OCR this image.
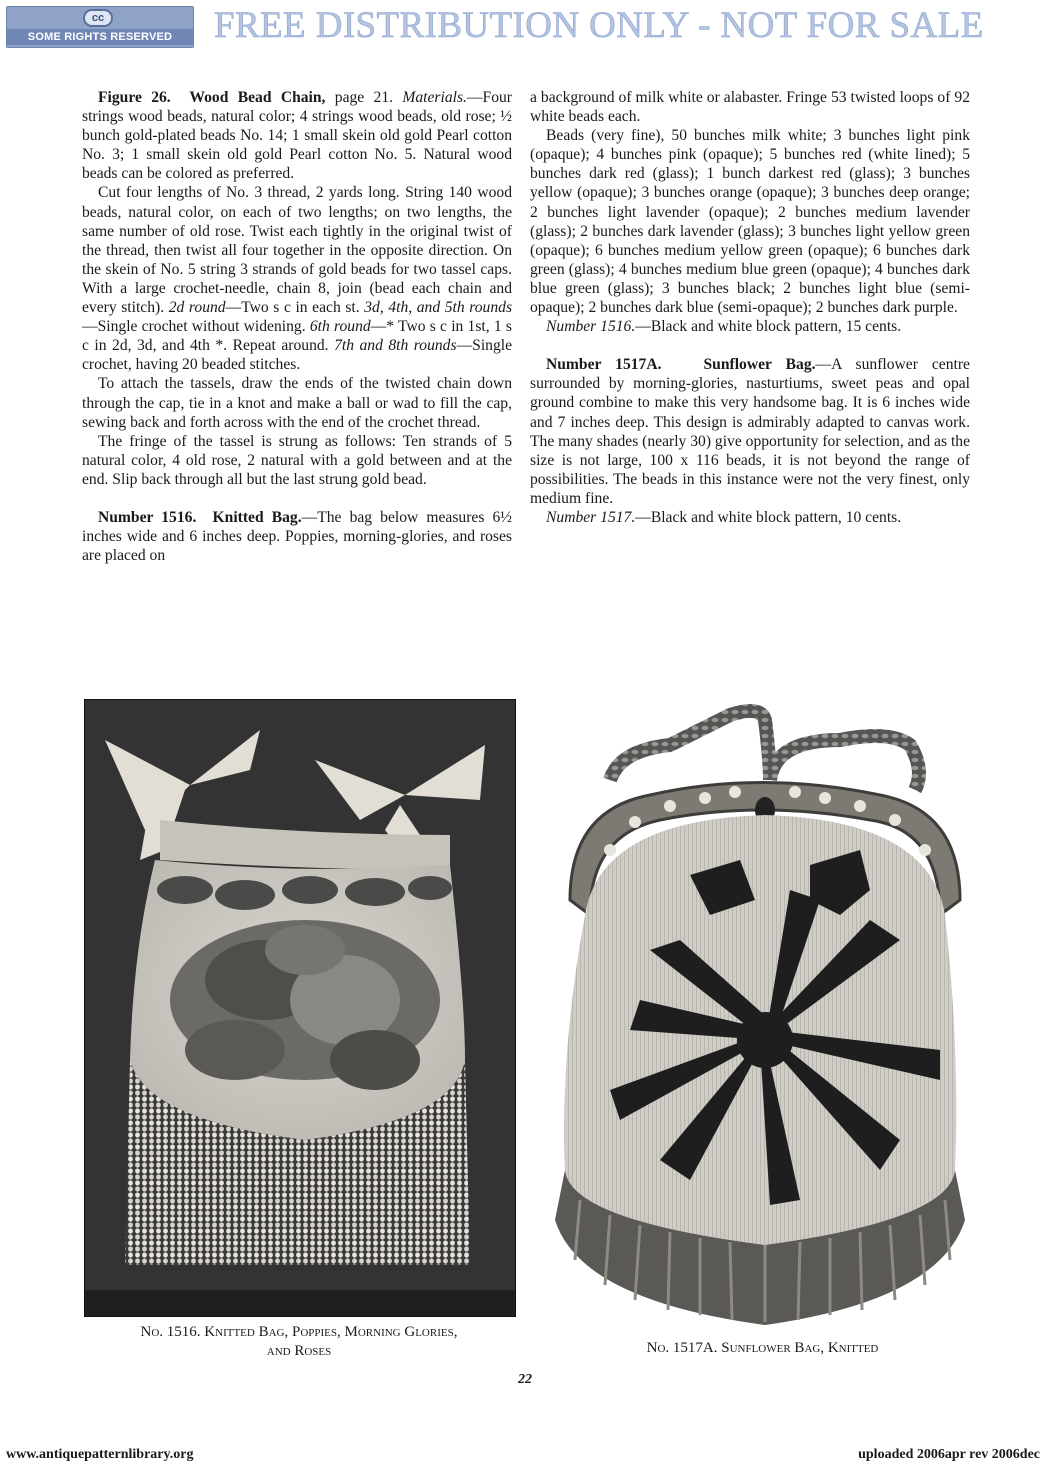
cc
SOME RIGHTS RESERVED	FREE DISTRIBUTION ONLY - NOT FOR SALE

Figure 26. Wood Bead Chain, page 21. Materials.—Four strings wood beads, natural color; 4 strings wood beads, old rose; ½ bunch gold-plated beads No. 14; 1 small skein old gold Pearl cotton No. 3; 1 small skein old gold Pearl cotton No. 5. Natural wood beads can be colored as preferred.

Cut four lengths of No. 3 thread, 2 yards long. String 140 wood beads, natural color, on each of two lengths; on two lengths, the same number of old rose. Twist each tightly in the original twist of the thread, then twist all four together in the opposite direction. On the skein of No. 5 string 3 strands of gold beads for two tassel caps. With a large crochet-needle, chain 8, join (bead each chain and every stitch). 2d round—Two s c in each st. 3d, 4th, and 5th rounds—Single crochet without widening. 6th round—* Two s c in 1st, 1 s c in 2d, 3d, and 4th *. Repeat around. 7th and 8th rounds—Single crochet, having 20 beaded stitches.

To attach the tassels, draw the ends of the twisted chain down through the cap, tie in a knot and make a ball or wad to fill the cap, sewing back and forth across with the end of the crochet thread.

The fringe of the tassel is strung as follows: Ten strands of 5 natural color, 4 old rose, 2 natural with a gold between and at the end. Slip back through all but the last strung gold bead.

Number 1516. Knitted Bag.—The bag below measures 6½ inches wide and 6 inches deep. Poppies, morning-glories, and roses are placed on

a background of milk white or alabaster. Fringe 53 twisted loops of 92 white beads each.

Beads (very fine), 50 bunches milk white; 3 bunches light pink (opaque); 4 bunches pink (opaque); 5 bunches red (white lined); 5 bunches dark red (glass); 1 bunch darkest red (glass); 3 bunches yellow (opaque); 3 bunches orange (opaque); 3 bunches deep orange; 2 bunches light lavender (opaque); 2 bunches medium lavender (glass); 2 bunches dark lavender (glass); 3 bunches light yellow green (opaque); 6 bunches medium yellow green (opaque); 6 bunches dark green (glass); 4 bunches medium blue green (opaque); 4 bunches dark blue green (glass); 3 bunches black; 2 bunches light blue (semi-opaque); 2 bunches dark blue (semi-opaque); 2 bunches dark purple.

Number 1516.—Black and white block pattern, 15 cents.

Number 1517A.	Sunflower Bag.—A sunflower centre surrounded by morning-glories, nasturtiums, sweet peas and opal ground combine to make this very handsome bag. It is 6 inches wide and 7 inches deep. This design is admirably adapted to canvas work. The many shades (nearly 30) give opportunity for selection, and as the size is not large, 100 x 116 beads, it is not beyond the range of possibilities. The beads in this instance were not the very finest, only medium fine.

Number 1517.—Black and white block pattern, 10 cents.

No. 1516. Knitted Bag, Poppies, Morning Glories,
and Roses	No. 1517A. Sunflower Bag, Knitted
22
www.antiquepatternlibrary.org	uploaded 2006apr rev 2006dec
